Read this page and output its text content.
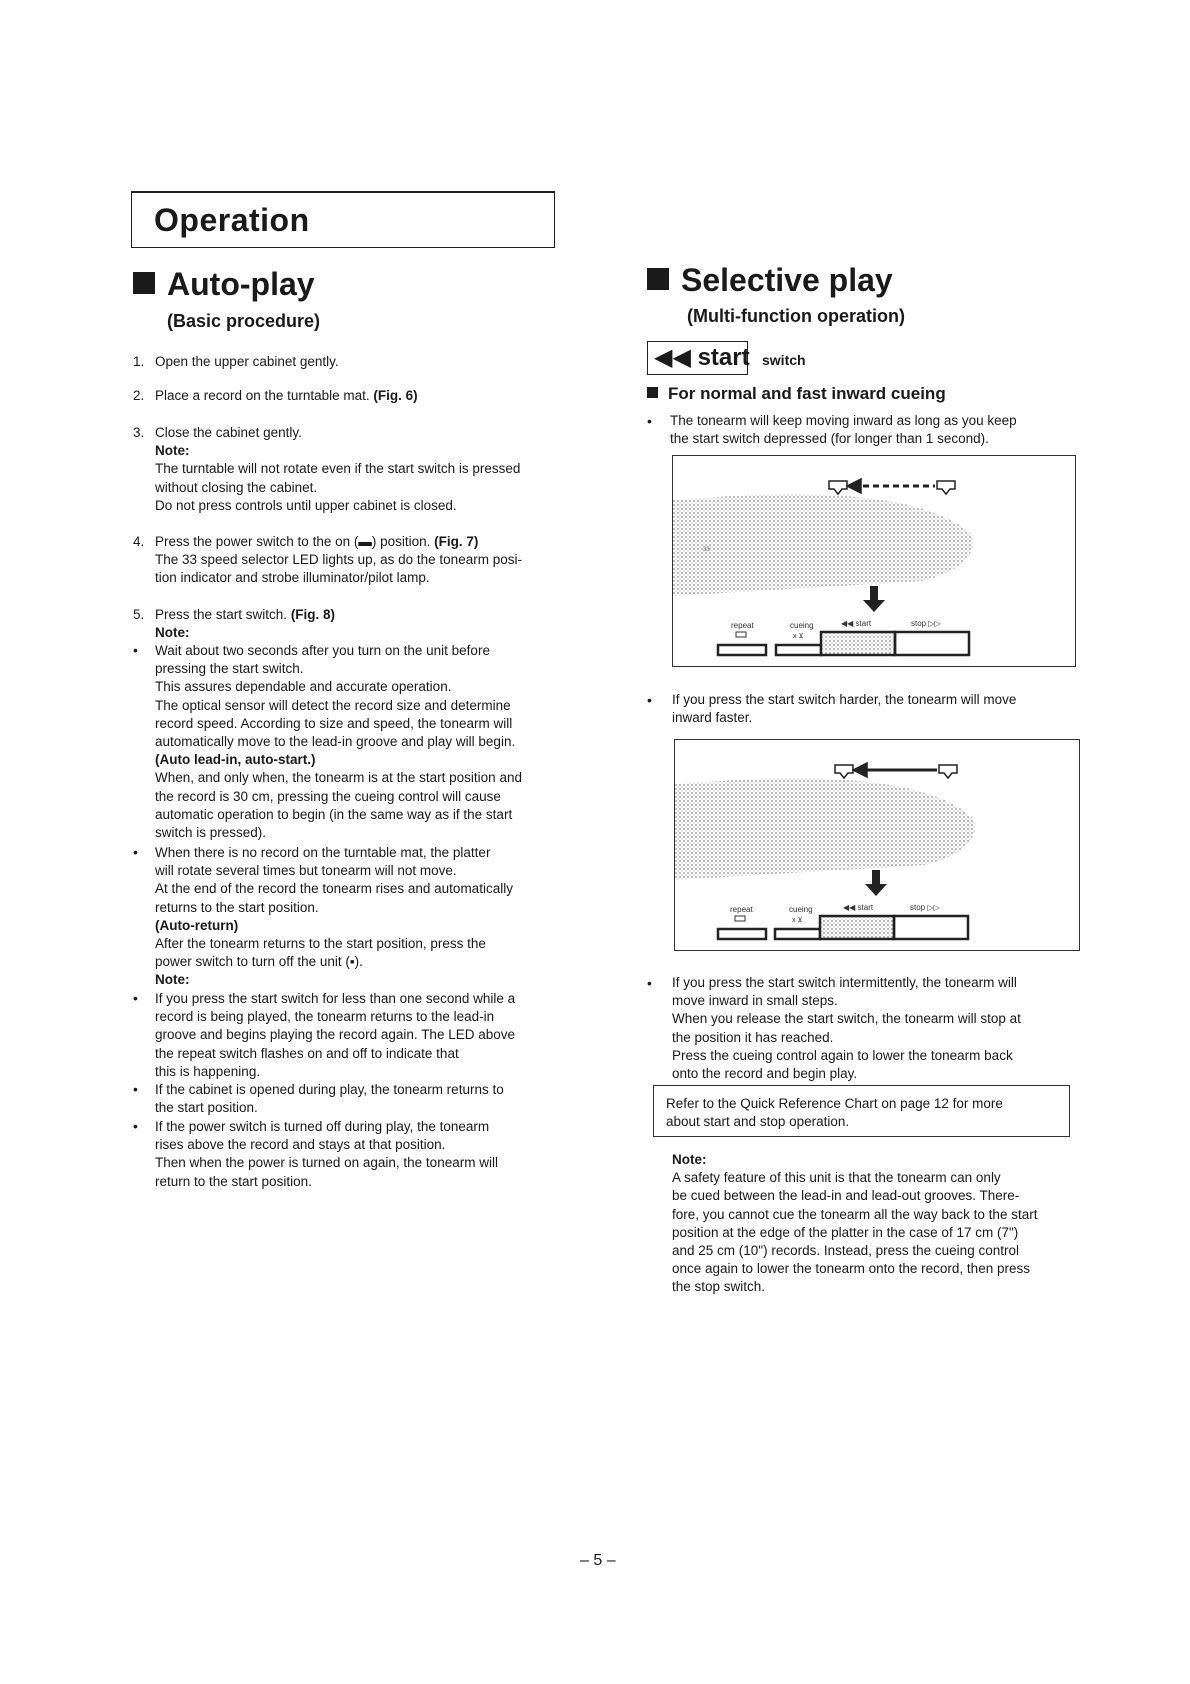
Operation
Auto-play
(Basic procedure)
1. Open the upper cabinet gently.
2. Place a record on the turntable mat. (Fig. 6)
3. Close the cabinet gently.
Note:
The turntable will not rotate even if the start switch is pressed
without closing the cabinet.
Do not press controls until upper cabinet is closed.
4. Press the power switch to the on (▬) position. (Fig. 7)
The 33 speed selector LED lights up, as do the tonearm posi-
tion indicator and strobe illuminator/pilot lamp.
5. Press the start switch. (Fig. 8)
Note:
• Wait about two seconds after you turn on the unit before
pressing the start switch.
This assures dependable and accurate operation.
The optical sensor will detect the record size and determine
record speed. According to size and speed, the tonearm will
automatically move to the lead-in groove and play will begin.
(Auto lead-in, auto-start.)
When, and only when, the tonearm is at the start position and
the record is 30 cm, pressing the cueing control will cause
automatic operation to begin (in the same way as if the start
switch is pressed).
• When there is no record on the turntable mat, the platter
will rotate several times but tonearm will not move.
At the end of the record the tonearm rises and automatically
returns to the start position.
(Auto-return)
After the tonearm returns to the start position, press the
power switch to turn off the unit (▪).
Note:
• If you press the start switch for less than one second while a
record is being played, the tonearm returns to the lead-in
groove and begins playing the record again. The LED above
the repeat switch flashes on and off to indicate that
this is happening.
• If the cabinet is opened during play, the tonearm returns to
the start position.
• If the power switch is turned off during play, the tonearm
rises above the record and stays at that position.
Then when the power is turned on again, the tonearm will
return to the start position.
Selective play
(Multi-function operation)
◀◀ start switch
For normal and fast inward cueing
• The tonearm will keep moving inward as long as you keep
the start switch depressed (for longer than 1 second).
33
repeat	cueing	◀◀ start	stop ▷▷
x ⊻
• If you press the start switch harder, the tonearm will move
inward faster.
repeat	cueing	◀◀ start	stop ▷▷
x ⊻
• If you press the start switch intermittently, the tonearm will
move inward in small steps.
When you release the start switch, the tonearm will stop at
the position it has reached.
Press the cueing control again to lower the tonearm back
onto the record and begin play.
Refer to the Quick Reference Chart on page 12 for more
about start and stop operation.
Note:
A safety feature of this unit is that the tonearm can only
be cued between the lead-in and lead-out grooves. There-
fore, you cannot cue the tonearm all the way back to the start
position at the edge of the platter in the case of 17 cm (7")
and 25 cm (10") records. Instead, press the cueing control
once again to lower the tonearm onto the record, then press
the stop switch.
– 5 –
